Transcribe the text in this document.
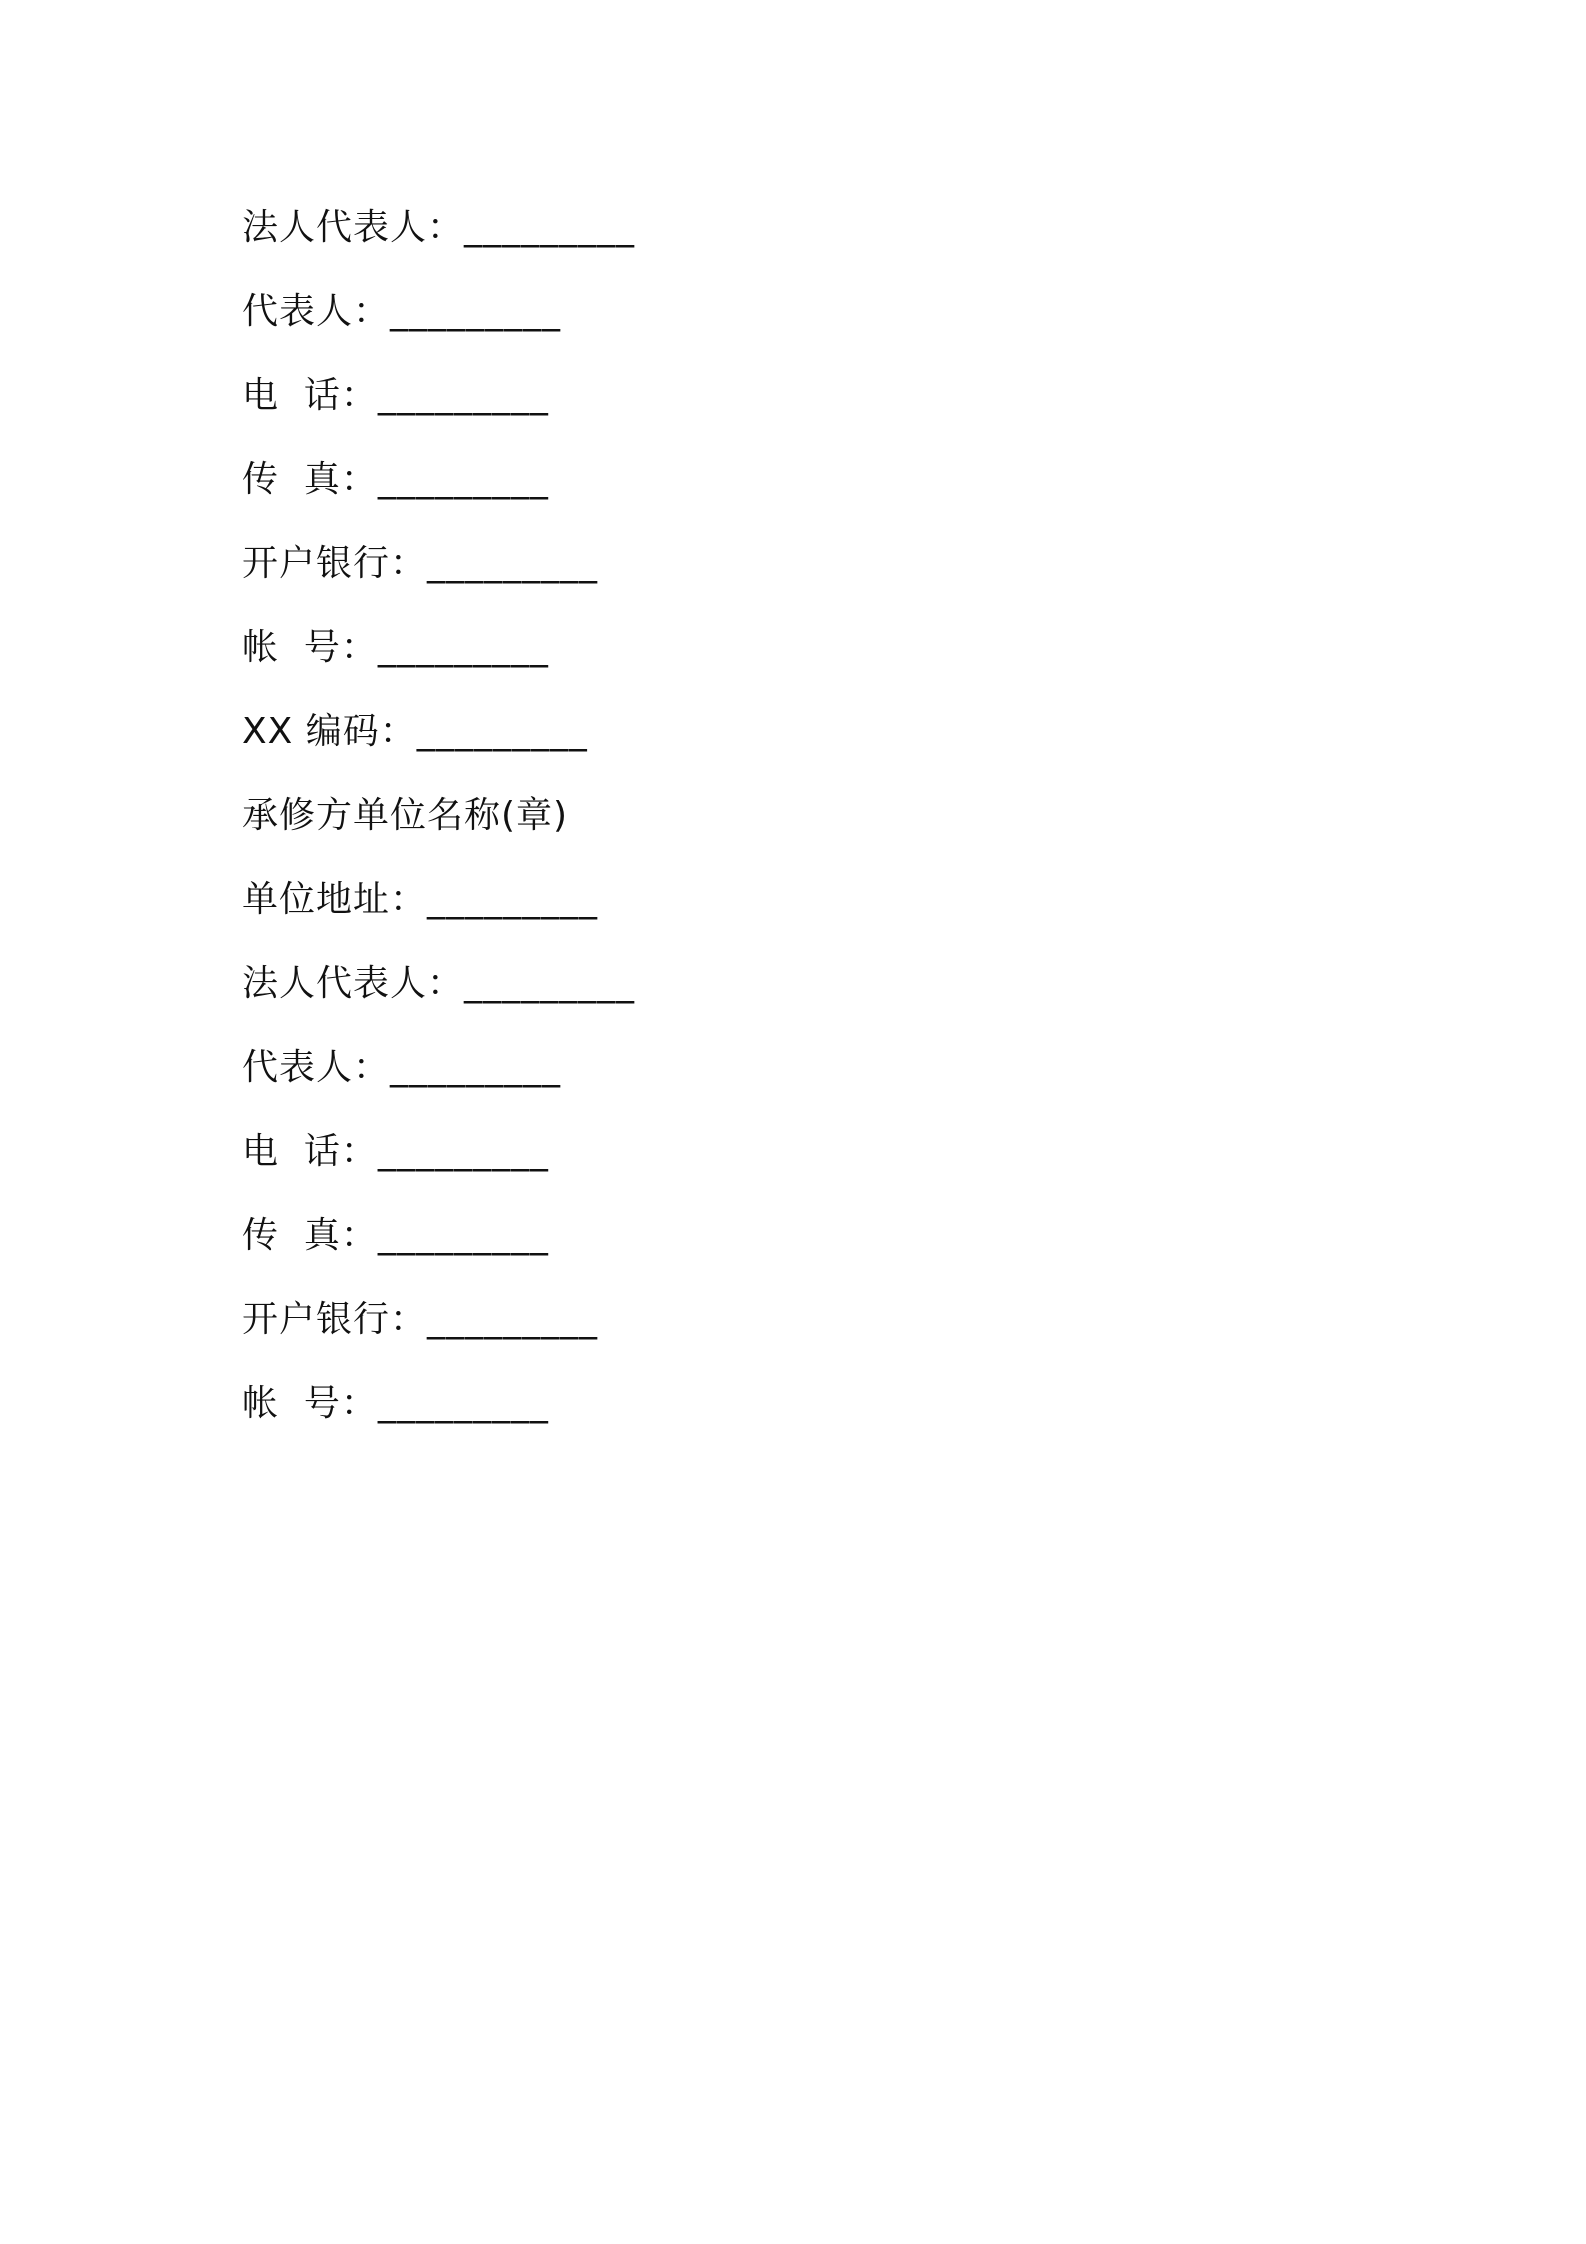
法人代表人：_________
代表人：_________
电  话：_________
传  真：_________
开户银行：_________
帐  号：_________
XX 编码：_________
承修方单位名称(章)
单位地址：_________
法人代表人：_________
代表人：_________
电  话：_________
传  真：_________
开户银行：_________
帐  号：_________
